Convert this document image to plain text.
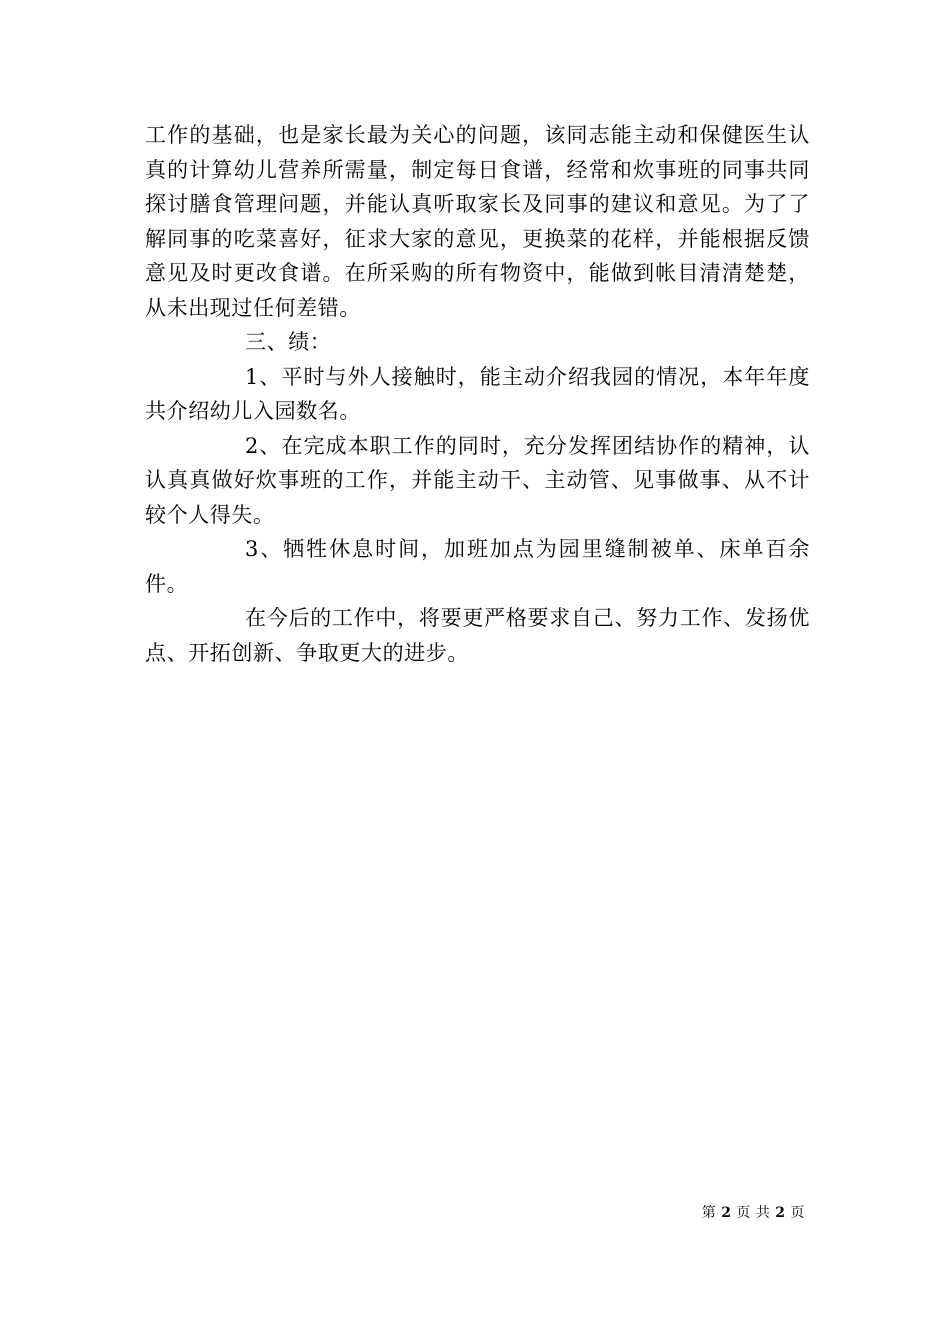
工作的基础，也是家长最为关心的问题，该同志能主动和保健医生认真的计算幼儿营养所需量，制定每日食谱，经常和炊事班的同事共同探讨膳食管理问题，并能认真听取家长及同事的建议和意见。为了了解同事的吃菜喜好，征求大家的意见，更换菜的花样，并能根据反馈意见及时更改食谱。在所采购的所有物资中，能做到帐目清清楚楚，从未出现过任何差错。

三、绩：

1、平时与外人接触时，能主动介绍我园的情况，本年年度共介绍幼儿入园数名。

2、在完成本职工作的同时，充分发挥团结协作的精神，认认真真做好炊事班的工作，并能主动干、主动管、见事做事、从不计较个人得失。

3、牺牲休息时间，加班加点为园里缝制被单、床单百余件。

在今后的工作中，将要更严格要求自己、努力工作、发扬优点、开拓创新、争取更大的进步。

第 2 页 共 2 页
